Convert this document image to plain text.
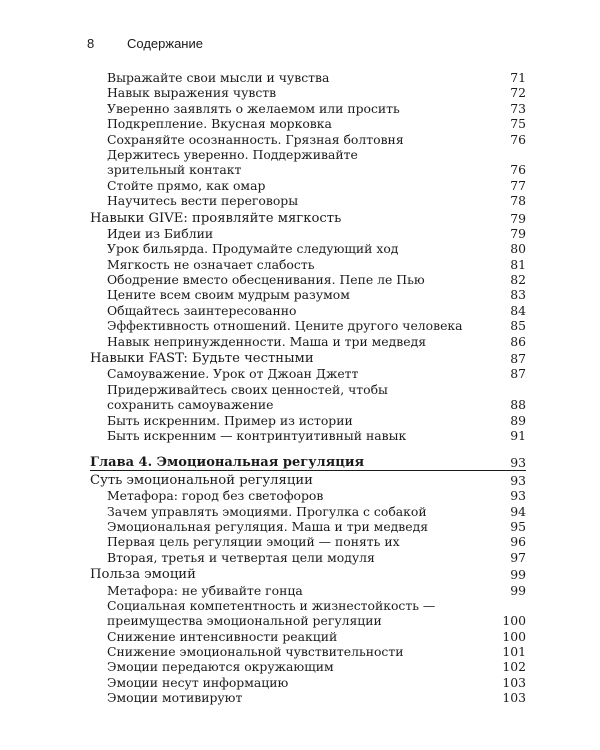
8	Содержание
Выражайте свои мысли и чувства	71
Навык выражения чувств	72
Уверенно заявлять о желаемом или просить	73
Подкрепление. Вкусная морковка	75
Сохраняйте осознанность. Грязная болтовня	76
Держитесь уверенно. Поддерживайте
зрительный контакт	76
Стойте прямо, как омар	77
Научитесь вести переговоры	78
Навыки GIVE: проявляйте мягкость	79
Идеи из Библии	79
Урок бильярда. Продумайте следующий ход	80
Мягкость не означает слабость	81
Ободрение вместо обесценивания. Пепе ле Пью	82
Цените всем своим мудрым разумом	83
Общайтесь заинтересованно	84
Эффективность отношений. Цените другого человека	85
Навык непринужденности. Маша и три медведя	86
Навыки FAST: Будьте честными	87
Самоуважение. Урок от Джоан Джетт	87
Придерживайтесь своих ценностей, чтобы
сохранить самоуважение	88
Быть искренним. Пример из истории	89
Быть искренним — контринтуитивный навык	91
Глава 4. Эмоциональная регуляция	93
Суть эмоциональной регуляции	93
Метафора: город без светофоров	93
Зачем управлять эмоциями. Прогулка с собакой	94
Эмоциональная регуляция. Маша и три медведя	95
Первая цель регуляции эмоций — понять их	96
Вторая, третья и четвертая цели модуля	97
Польза эмоций	99
Метафора: не убивайте гонца	99
Социальная компетентность и жизнестойкость —
преимущества эмоциональной регуляции	100
Снижение интенсивности реакций	100
Снижение эмоциональной чувствительности	101
Эмоции передаются окружающим	102
Эмоции несут информацию	103
Эмоции мотивируют	103
